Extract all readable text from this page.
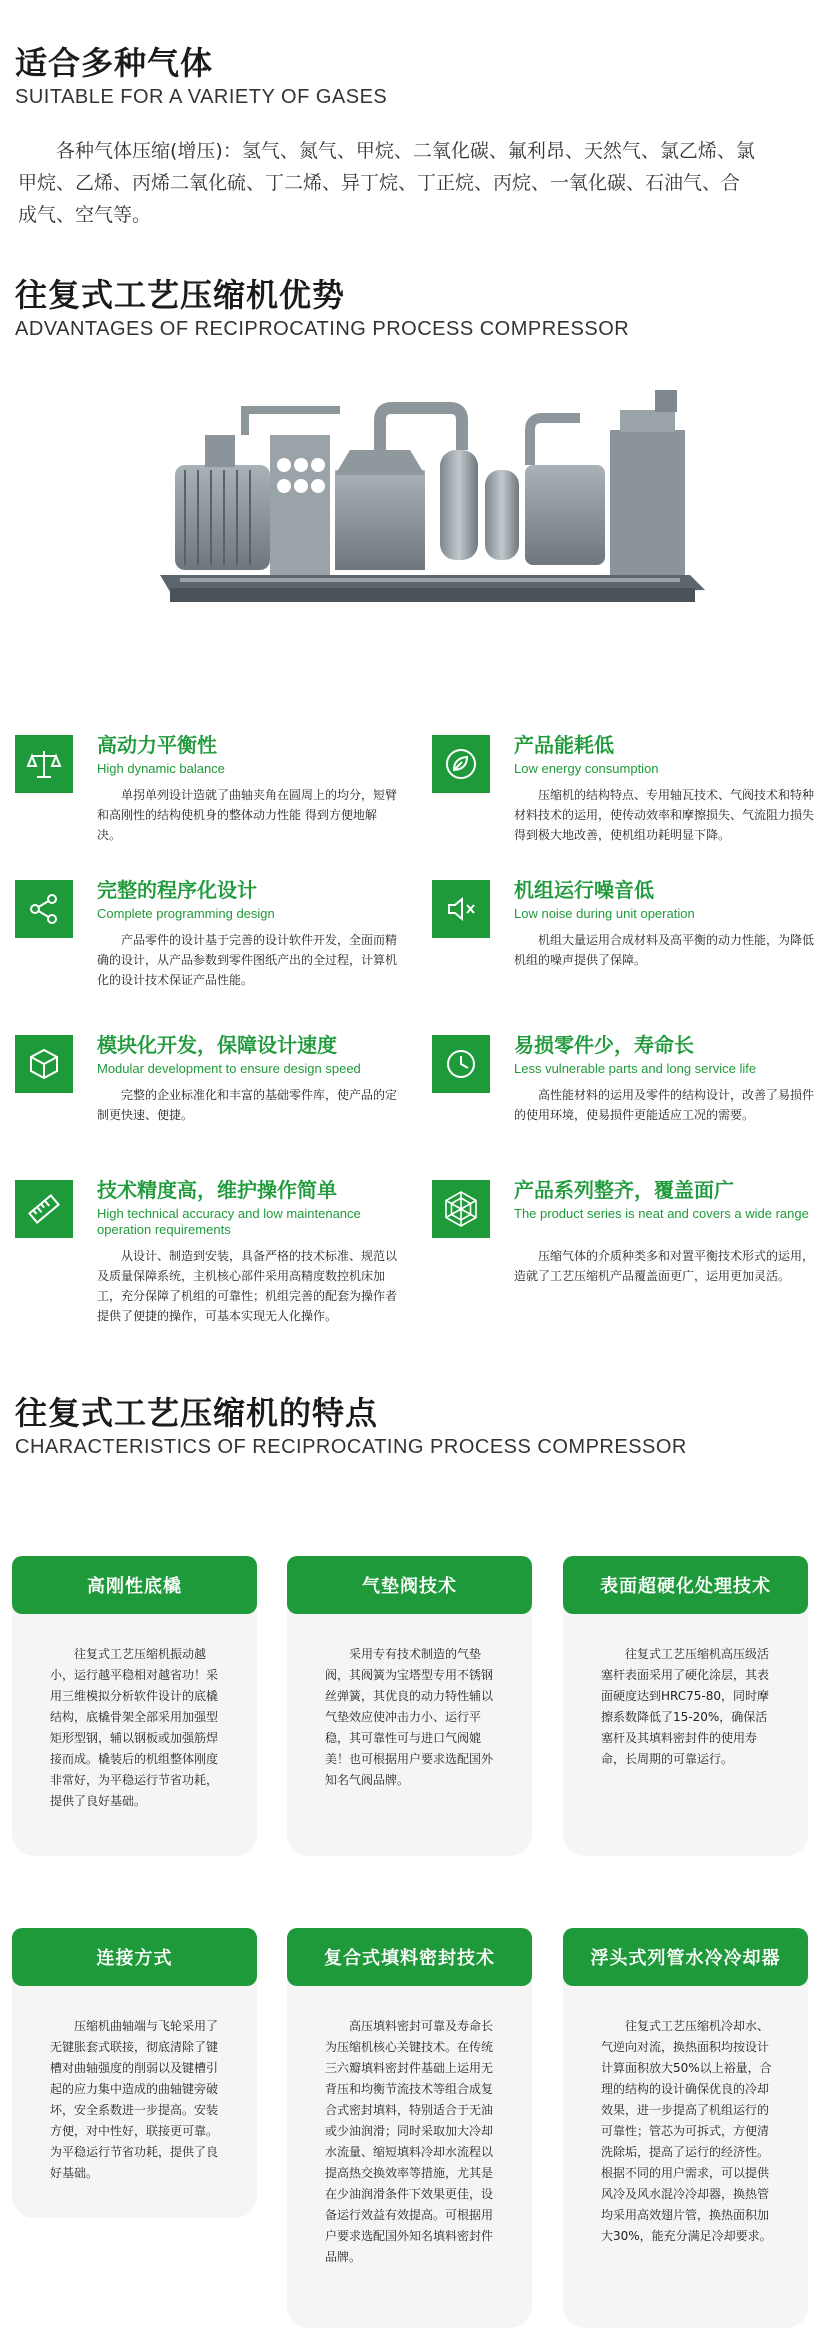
适合多种气体
SUITABLE FOR A VARIETY OF GASES
各种气体压缩(增压)：氢气、氮气、甲烷、二氧化碳、氟利昂、天然气、氯乙烯、氯甲烷、乙烯、丙烯二氧化硫、丁二烯、异丁烷、丁正烷、丙烷、一氧化碳、石油气、合成气、空气等。
往复式工艺压缩机优势
ADVANTAGES OF RECIPROCATING PROCESS COMPRESSOR
高动力平衡性
High dynamic balance
单拐单列设计造就了曲轴夹角在圆周上的均分，短臂和高刚性的结构使机身的整体动力性能 得到方便地解决。
产品能耗低
Low energy consumption
压缩机的结构特点、专用轴瓦技术、气阀技术和特种材料技术的运用，使传动效率和摩擦损失、气流阻力损失得到极大地改善，使机组功耗明显下降。
完整的程序化设计
Complete programming design
产品零件的设计基于完善的设计软件开发，全面而精确的设计，从产品参数到零件图纸产出的全过程，计算机化的设计技术保证产品性能。
机组运行噪音低
Low noise during unit operation
机组大量运用合成材料及高平衡的动力性能，为降低机组的噪声提供了保障。
模块化开发，保障设计速度
Modular development to ensure design speed
完整的企业标准化和丰富的基础零件库，使产品的定制更快速、便捷。
易损零件少，寿命长
Less vulnerable parts and long service life
高性能材料的运用及零件的结构设计，改善了易损件的使用环境，使易损件更能适应工况的需要。
技术精度高，维护操作简单
High technical accuracy and low maintenance operation requirements
从设计、制造到安装，具备严格的技术标准、规范以及质量保障系统，主机核心部件采用高精度数控机床加工，充分保障了机组的可靠性；机组完善的配套为操作者提供了便捷的操作，可基本实现无人化操作。
产品系列整齐，覆盖面广
The product series is neat and covers a wide range
压缩气体的介质种类多和对置平衡技术形式的运用，造就了工艺压缩机产品覆盖面更广，运用更加灵活。
往复式工艺压缩机的特点
CHARACTERISTICS OF RECIPROCATING PROCESS COMPRESSOR
高刚性底橇
往复式工艺压缩机振动越小，运行越平稳相对越省功！采用三维模拟分析软件设计的底橇结构，底橇骨架全部采用加强型矩形型钢，辅以钢板或加强筋焊接而成。橇装后的机组整体刚度非常好，为平稳运行节省功耗，提供了良好基础。
气垫阀技术
采用专有技术制造的气垫阀，其阀簧为宝塔型专用不锈钢丝弹簧，其优良的动力特性辅以气垫效应使冲击力小、运行平稳，其可靠性可与进口气阀媲美！也可根据用户要求选配国外知名气阀品牌。
表面超硬化处理技术
往复式工艺压缩机高压级活塞杆表面采用了硬化涂层，其表面硬度达到HRC75-80，同时摩擦系数降低了15-20%，确保活塞杆及其填料密封件的使用寿命，长周期的可靠运行。
连接方式
压缩机曲轴端与飞轮采用了无键胀套式联接，彻底清除了键槽对曲轴强度的削弱以及键槽引起的应力集中造成的曲轴键旁破坏，安全系数进一步提高。安装方便，对中性好，联接更可靠。为平稳运行节省功耗，提供了良好基础。
复合式填料密封技术
高压填料密封可靠及寿命长为压缩机核心关键技术。在传统三六瓣填料密封件基础上运用无背压和均衡节流技术等组合成复合式密封填料，特别适合于无油或少油润滑；同时采取加大冷却水流量、缩短填料冷却水流程以 提高热交换效率等措施，尤其是在少油润滑条件下效果更佳，设备运行效益有效提高。可根据用户要求选配国外知名填料密封件品牌。
浮头式列管水冷冷却器
往复式工艺压缩机冷却水、气逆向对流，换热面积均按设计计算面积放大50%以上裕量，合理的结构的设计确保优良的冷却效果，进一步提高了机组运行的可靠性；管芯为可拆式，方便清洗除垢，提高了运行的经济性。根据不同的用户需求，可以提供风冷及风水混冷冷却器，换热管均采用高效翅片管，换热面积加大30%，能充分满足冷却要求。
